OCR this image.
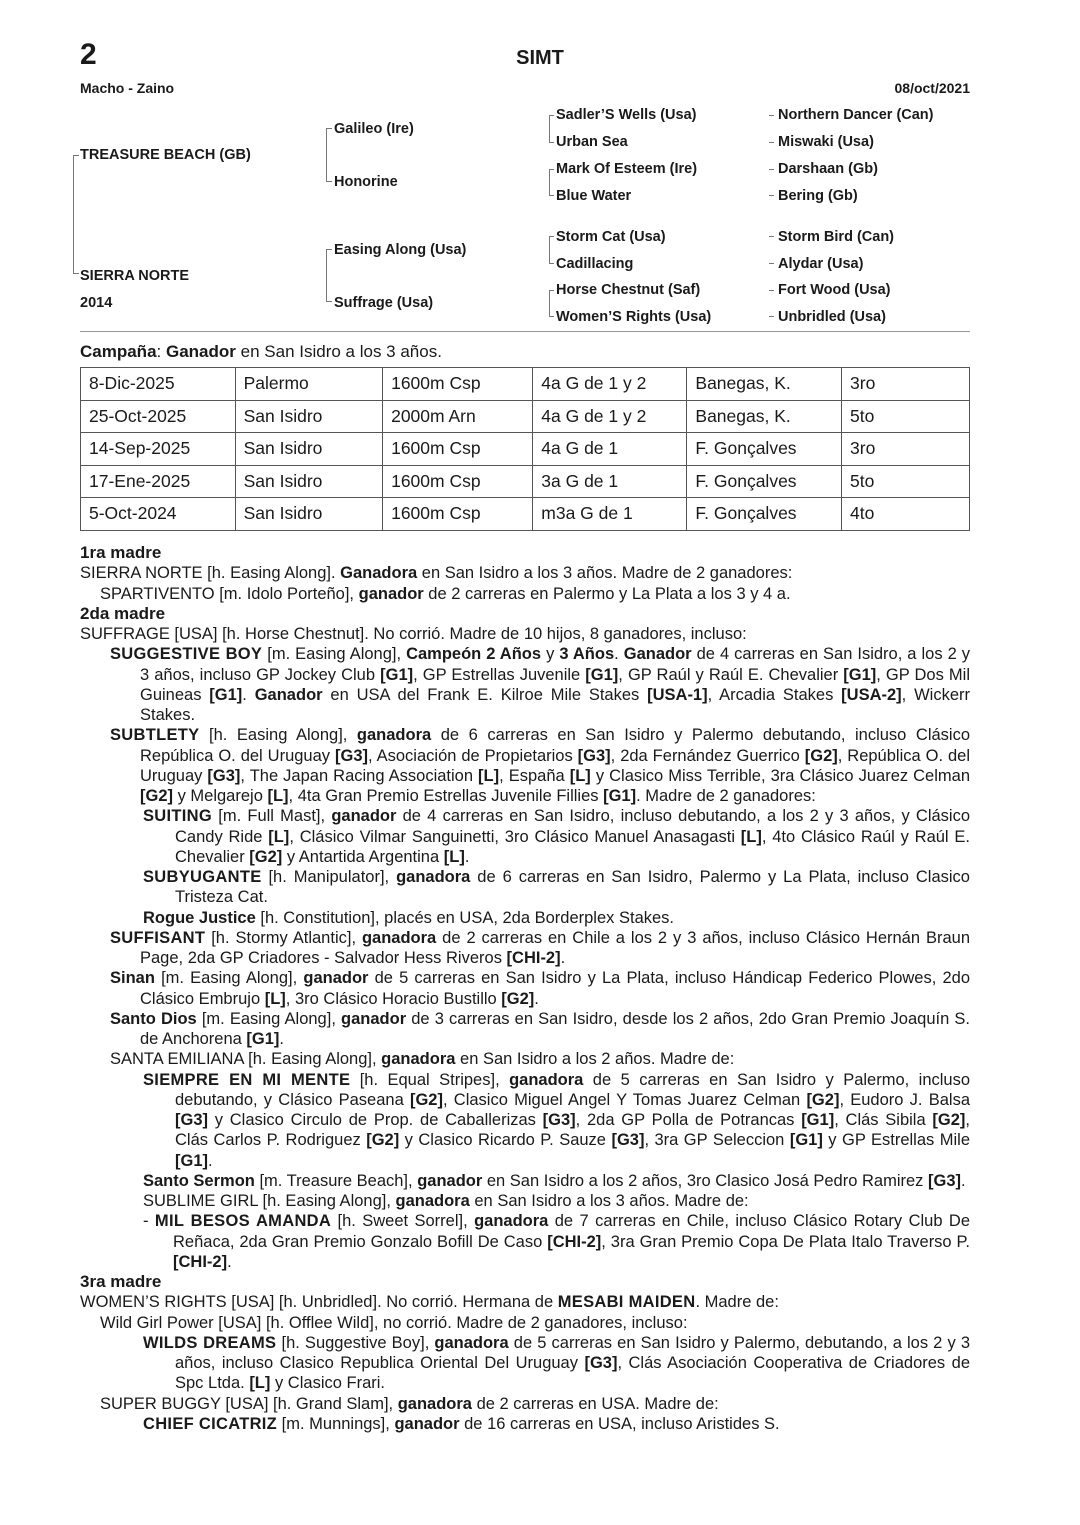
2	SIMT
Macho - Zaino	08/oct/2021
TREASURE BEACH (GB)
SIERRA NORTE
2014
Galileo (Ire)
Honorine
Easing Along (Usa)
Suffrage (Usa)
Sadler’S Wells (Usa)
Urban Sea
Mark Of Esteem (Ire)
Blue Water
Storm Cat (Usa)
Cadillacing
Horse Chestnut (Saf)
Women’S Rights (Usa)
Northern Dancer (Can)
Miswaki (Usa)
Darshaan (Gb)
Bering (Gb)
Storm Bird (Can)
Alydar (Usa)
Fort Wood (Usa)
Unbridled (Usa)
Campaña: Ganador en San Isidro a los 3 años.
8-Dic-2025	Palermo	1600m Csp	4a G de 1 y 2	Banegas, K.	3ro
25-Oct-2025	San Isidro	2000m Arn	4a G de 1 y 2	Banegas, K.	5to
14-Sep-2025	San Isidro	1600m Csp	4a G de 1	F. Gonçalves	3ro
17-Ene-2025	San Isidro	1600m Csp	3a G de 1	F. Gonçalves	5to
5-Oct-2024	San Isidro	1600m Csp	m3a G de 1	F. Gonçalves	4to

1ra madre

SIERRA NORTE [h. Easing Along]. Ganadora en San Isidro a los 3 años. Madre de 2 ganadores:

SPARTIVENTO [m. Idolo Porteño], ganador de 2 carreras en Palermo y La Plata a los 3 y 4 a.

2da madre

SUFFRAGE [USA] [h. Horse Chestnut]. No corrió. Madre de 10 hijos, 8 ganadores, incluso:

SUGGESTIVE BOY [m. Easing Along], Campeón 2 Años y 3 Años. Ganador de 4 carreras en San Isidro, a los 2 y 3 años, incluso GP Jockey Club [G1], GP Estrellas Juvenile [G1], GP Raúl y Raúl E. Chevalier [G1], GP Dos Mil Guineas [G1]. Ganador en USA del Frank E. Kilroe Mile Stakes [USA-1], Arcadia Stakes [USA-2], Wickerr Stakes.

SUBTLETY [h. Easing Along], ganadora de 6 carreras en San Isidro y Palermo debutando, incluso Clásico República O. del Uruguay [G3], Asociación de Propietarios [G3], 2da Fernández Guerrico [G2], República O. del Uruguay [G3], The Japan Racing Association [L], España [L] y Clasico Miss Terrible, 3ra Clásico Juarez Celman [G2] y Melgarejo [L], 4ta Gran Premio Estrellas Juvenile Fillies [G1]. Madre de 2 ganadores:

SUITING [m. Full Mast], ganador de 4 carreras en San Isidro, incluso debutando, a los 2 y 3 años, y Clásico Candy Ride [L], Clásico Vilmar Sanguinetti, 3ro Clásico Manuel Anasagasti [L], 4to Clásico Raúl y Raúl E. Chevalier [G2] y Antartida Argentina [L].

SUBYUGANTE [h. Manipulator], ganadora de 6 carreras en San Isidro, Palermo y La Plata, incluso Clasico Tristeza Cat.

Rogue Justice [h. Constitution], placés en USA, 2da Borderplex Stakes.

SUFFISANT [h. Stormy Atlantic], ganadora de 2 carreras en Chile a los 2 y 3 años, incluso Clásico Hernán Braun Page, 2da GP Criadores - Salvador Hess Riveros [CHI-2].

Sinan [m. Easing Along], ganador de 5 carreras en San Isidro y La Plata, incluso Hándicap Federico Plowes, 2do Clásico Embrujo [L], 3ro Clásico Horacio Bustillo [G2].

Santo Dios [m. Easing Along], ganador de 3 carreras en San Isidro, desde los 2 años, 2do Gran Premio Joaquín S. de Anchorena [G1].

SANTA EMILIANA [h. Easing Along], ganadora en San Isidro a los 2 años. Madre de:

SIEMPRE EN MI MENTE [h. Equal Stripes], ganadora de 5 carreras en San Isidro y Palermo, incluso debutando, y Clásico Paseana [G2], Clasico Miguel Angel Y Tomas Juarez Celman [G2], Eudoro J. Balsa [G3] y Clasico Circulo de Prop. de Caballerizas [G3], 2da GP Polla de Potrancas [G1], Clás Sibila [G2], Clás Carlos P. Rodriguez [G2] y Clasico Ricardo P. Sauze [G3], 3ra GP Seleccion [G1] y GP Estrellas Mile [G1].

Santo Sermon [m. Treasure Beach], ganador en San Isidro a los 2 años, 3ro Clasico Josá Pedro Ramirez [G3].

SUBLIME GIRL [h. Easing Along], ganadora en San Isidro a los 3 años. Madre de:

- MIL BESOS AMANDA [h. Sweet Sorrel], ganadora de 7 carreras en Chile, incluso Clásico Rotary Club De Reñaca, 2da Gran Premio Gonzalo Bofill De Caso [CHI-2], 3ra Gran Premio Copa De Plata Italo Traverso P. [CHI-2].

3ra madre

WOMEN’S RIGHTS [USA] [h. Unbridled]. No corrió. Hermana de MESABI MAIDEN. Madre de:

Wild Girl Power [USA] [h. Offlee Wild], no corrió. Madre de 2 ganadores, incluso:

WILDS DREAMS [h. Suggestive Boy], ganadora de 5 carreras en San Isidro y Palermo, debutando, a los 2 y 3 años, incluso Clasico Republica Oriental Del Uruguay [G3], Clás Asociación Cooperativa de Criadores de Spc Ltda. [L] y Clasico Frari.

SUPER BUGGY [USA] [h. Grand Slam], ganadora de 2 carreras en USA. Madre de:

CHIEF CICATRIZ [m. Munnings], ganador de 16 carreras en USA, incluso Aristides S.
